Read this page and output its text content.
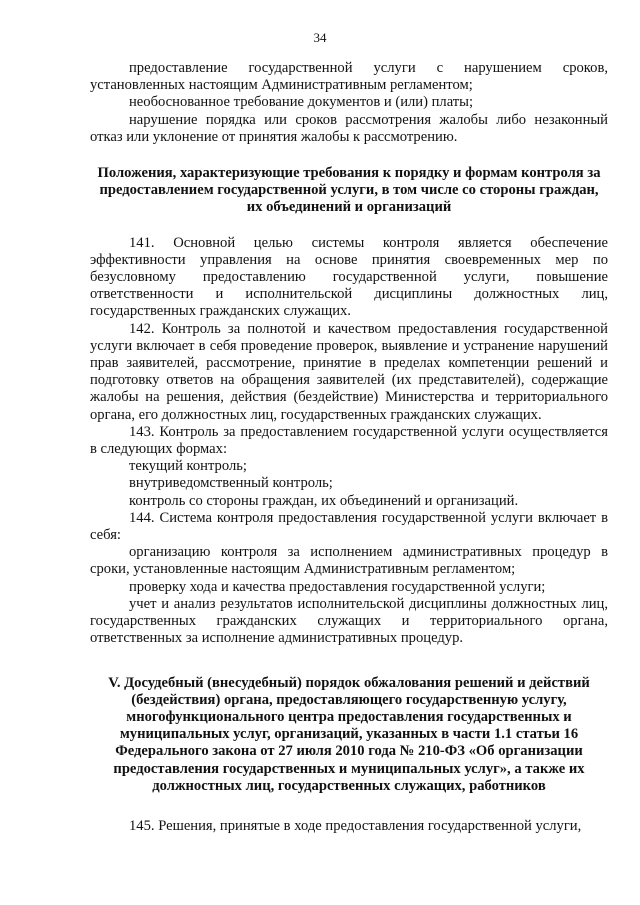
34

предоставление государственной услуги с нарушением сроков, установленных настоящим Административным регламентом;

необоснованное требование документов и (или) платы;

нарушение порядка или сроков рассмотрения жалобы либо незаконный отказ или уклонение от принятия жалобы к рассмотрению.

Положения, характеризующие требования к порядку и формам контроля за предоставлением государственной услуги, в том числе со стороны граждан, их объединений и организаций

141. Основной целью системы контроля является обеспечение эффективности управления на основе принятия своевременных мер по безусловному предоставлению государственной услуги, повышение ответственности и исполнительской дисциплины должностных лиц, государственных гражданских служащих.

142. Контроль за полнотой и качеством предоставления государственной услуги включает в себя проведение проверок, выявление и устранение нарушений прав заявителей, рассмотрение, принятие в пределах компетенции решений и подготовку ответов на обращения заявителей (их представителей), содержащие жалобы на решения, действия (бездействие) Министерства и территориального органа, его должностных лиц, государственных гражданских служащих.

143. Контроль за предоставлением государственной услуги осуществляется в следующих формах:

текущий контроль;

внутриведомственный контроль;

контроль со стороны граждан, их объединений и организаций.

144. Система контроля предоставления государственной услуги включает в себя:

организацию контроля за исполнением административных процедур в сроки, установленные настоящим Административным регламентом;

проверку хода и качества предоставления государственной услуги;

учет и анализ результатов исполнительской дисциплины должностных лиц, государственных гражданских служащих и территориального органа, ответственных за исполнение административных процедур.

V. Досудебный (внесудебный) порядок обжалования решений и действий (бездействия) органа, предоставляющего государственную услугу, многофункционального центра предоставления государственных и муниципальных услуг, организаций, указанных в части 1.1 статьи 16 Федерального закона от 27 июля 2010 года № 210-ФЗ «Об организации предоставления государственных и муниципальных услуг», а также их должностных лиц, государственных служащих, работников

145. Решения, принятые в ходе предоставления государственной услуги,
